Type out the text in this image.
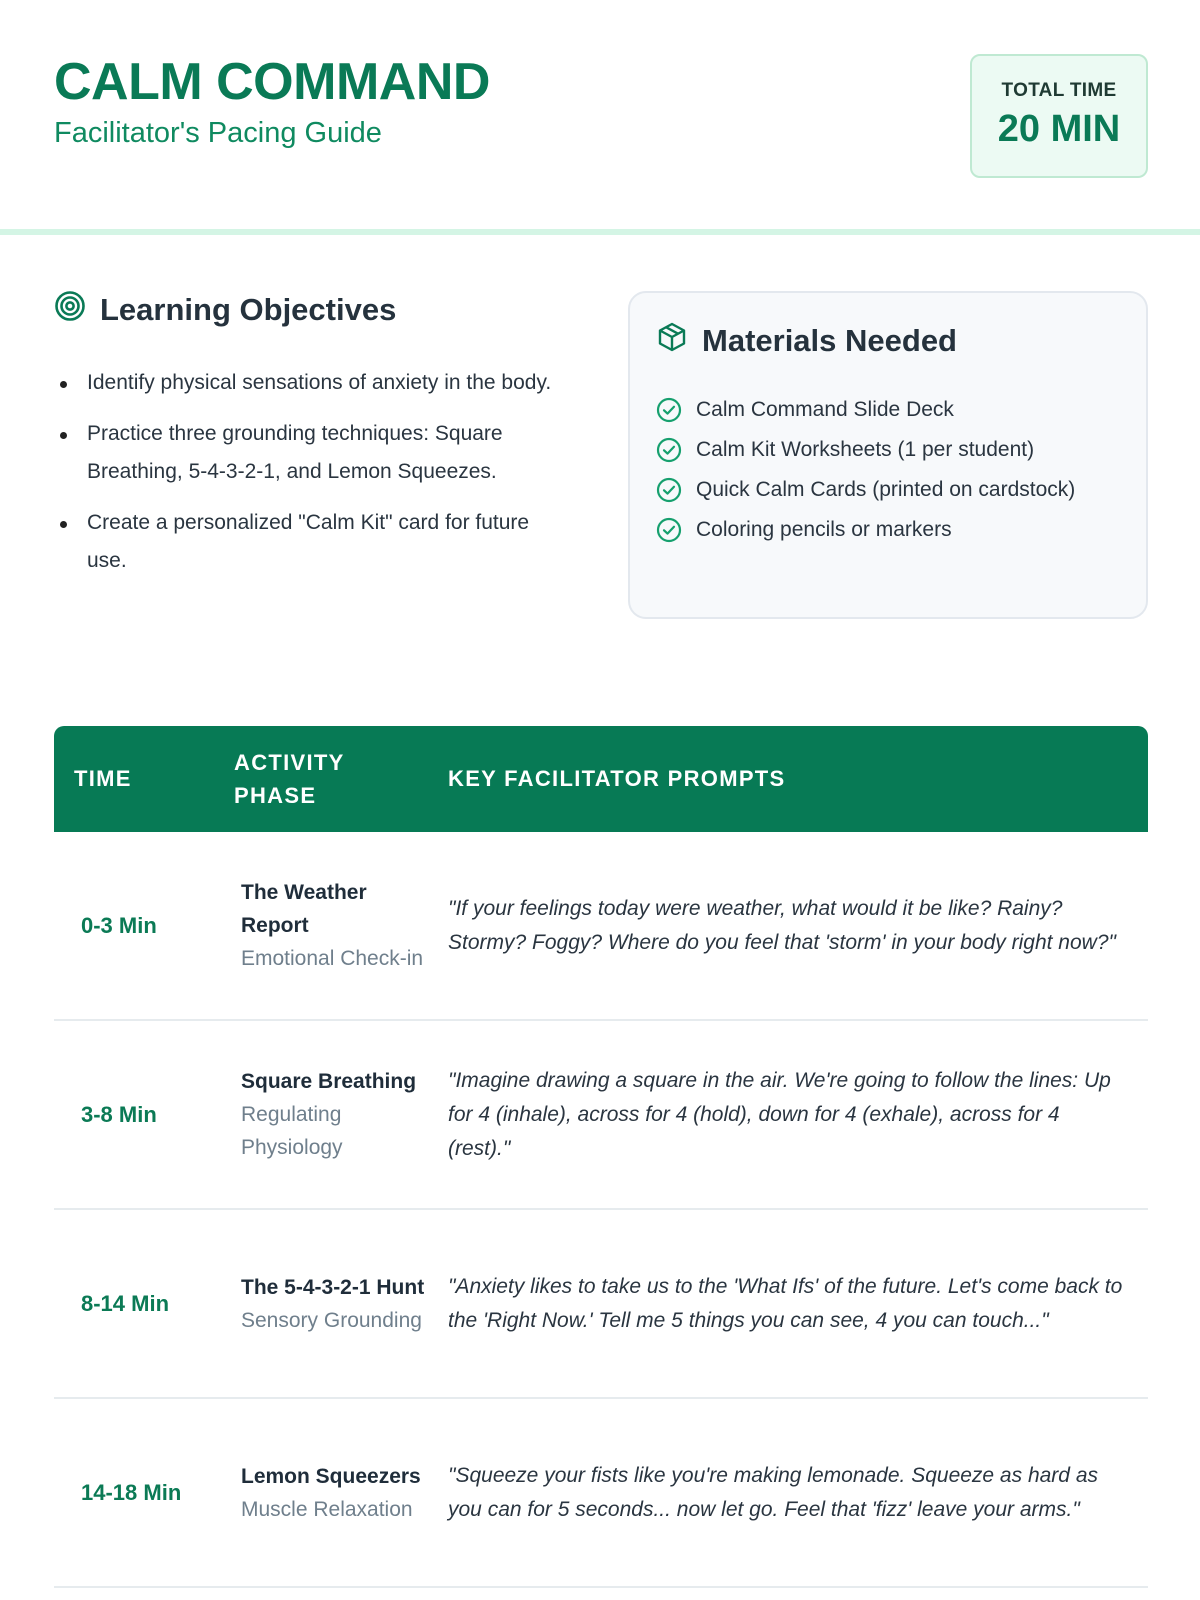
CALM COMMAND
Facilitator's Pacing Guide
TOTAL TIME
20 MIN
Learning Objectives
Identify physical sensations of anxiety in the body.
Practice three grounding techniques: Square Breathing, 5-4-3-2-1, and Lemon Squeezes.
Create a personalized "Calm Kit" card for future use.
Materials Needed
Calm Command Slide Deck
Calm Kit Worksheets (1 per student)
Quick Calm Cards (printed on cardstock)
Coloring pencils or markers
TIME
ACTIVITY PHASE
KEY FACILITATOR PROMPTS
0-3 Min
The Weather Report
Emotional Check-in
"If your feelings today were weather, what would it be like? Rainy? Stormy? Foggy? Where do you feel that 'storm' in your body right now?"
3-8 Min
Square Breathing
Regulating Physiology
"Imagine drawing a square in the air. We're going to follow the lines: Up for 4 (inhale), across for 4 (hold), down for 4 (exhale), across for 4 (rest)."
8-14 Min
The 5-4-3-2-1 Hunt
Sensory Grounding
"Anxiety likes to take us to the 'What Ifs' of the future. Let's come back to the 'Right Now.' Tell me 5 things you can see, 4 you can touch..."
14-18 Min
Lemon Squeezers
Muscle Relaxation
"Squeeze your fists like you're making lemonade. Squeeze as hard as you can for 5 seconds... now let go. Feel that 'fizz' leave your arms."
